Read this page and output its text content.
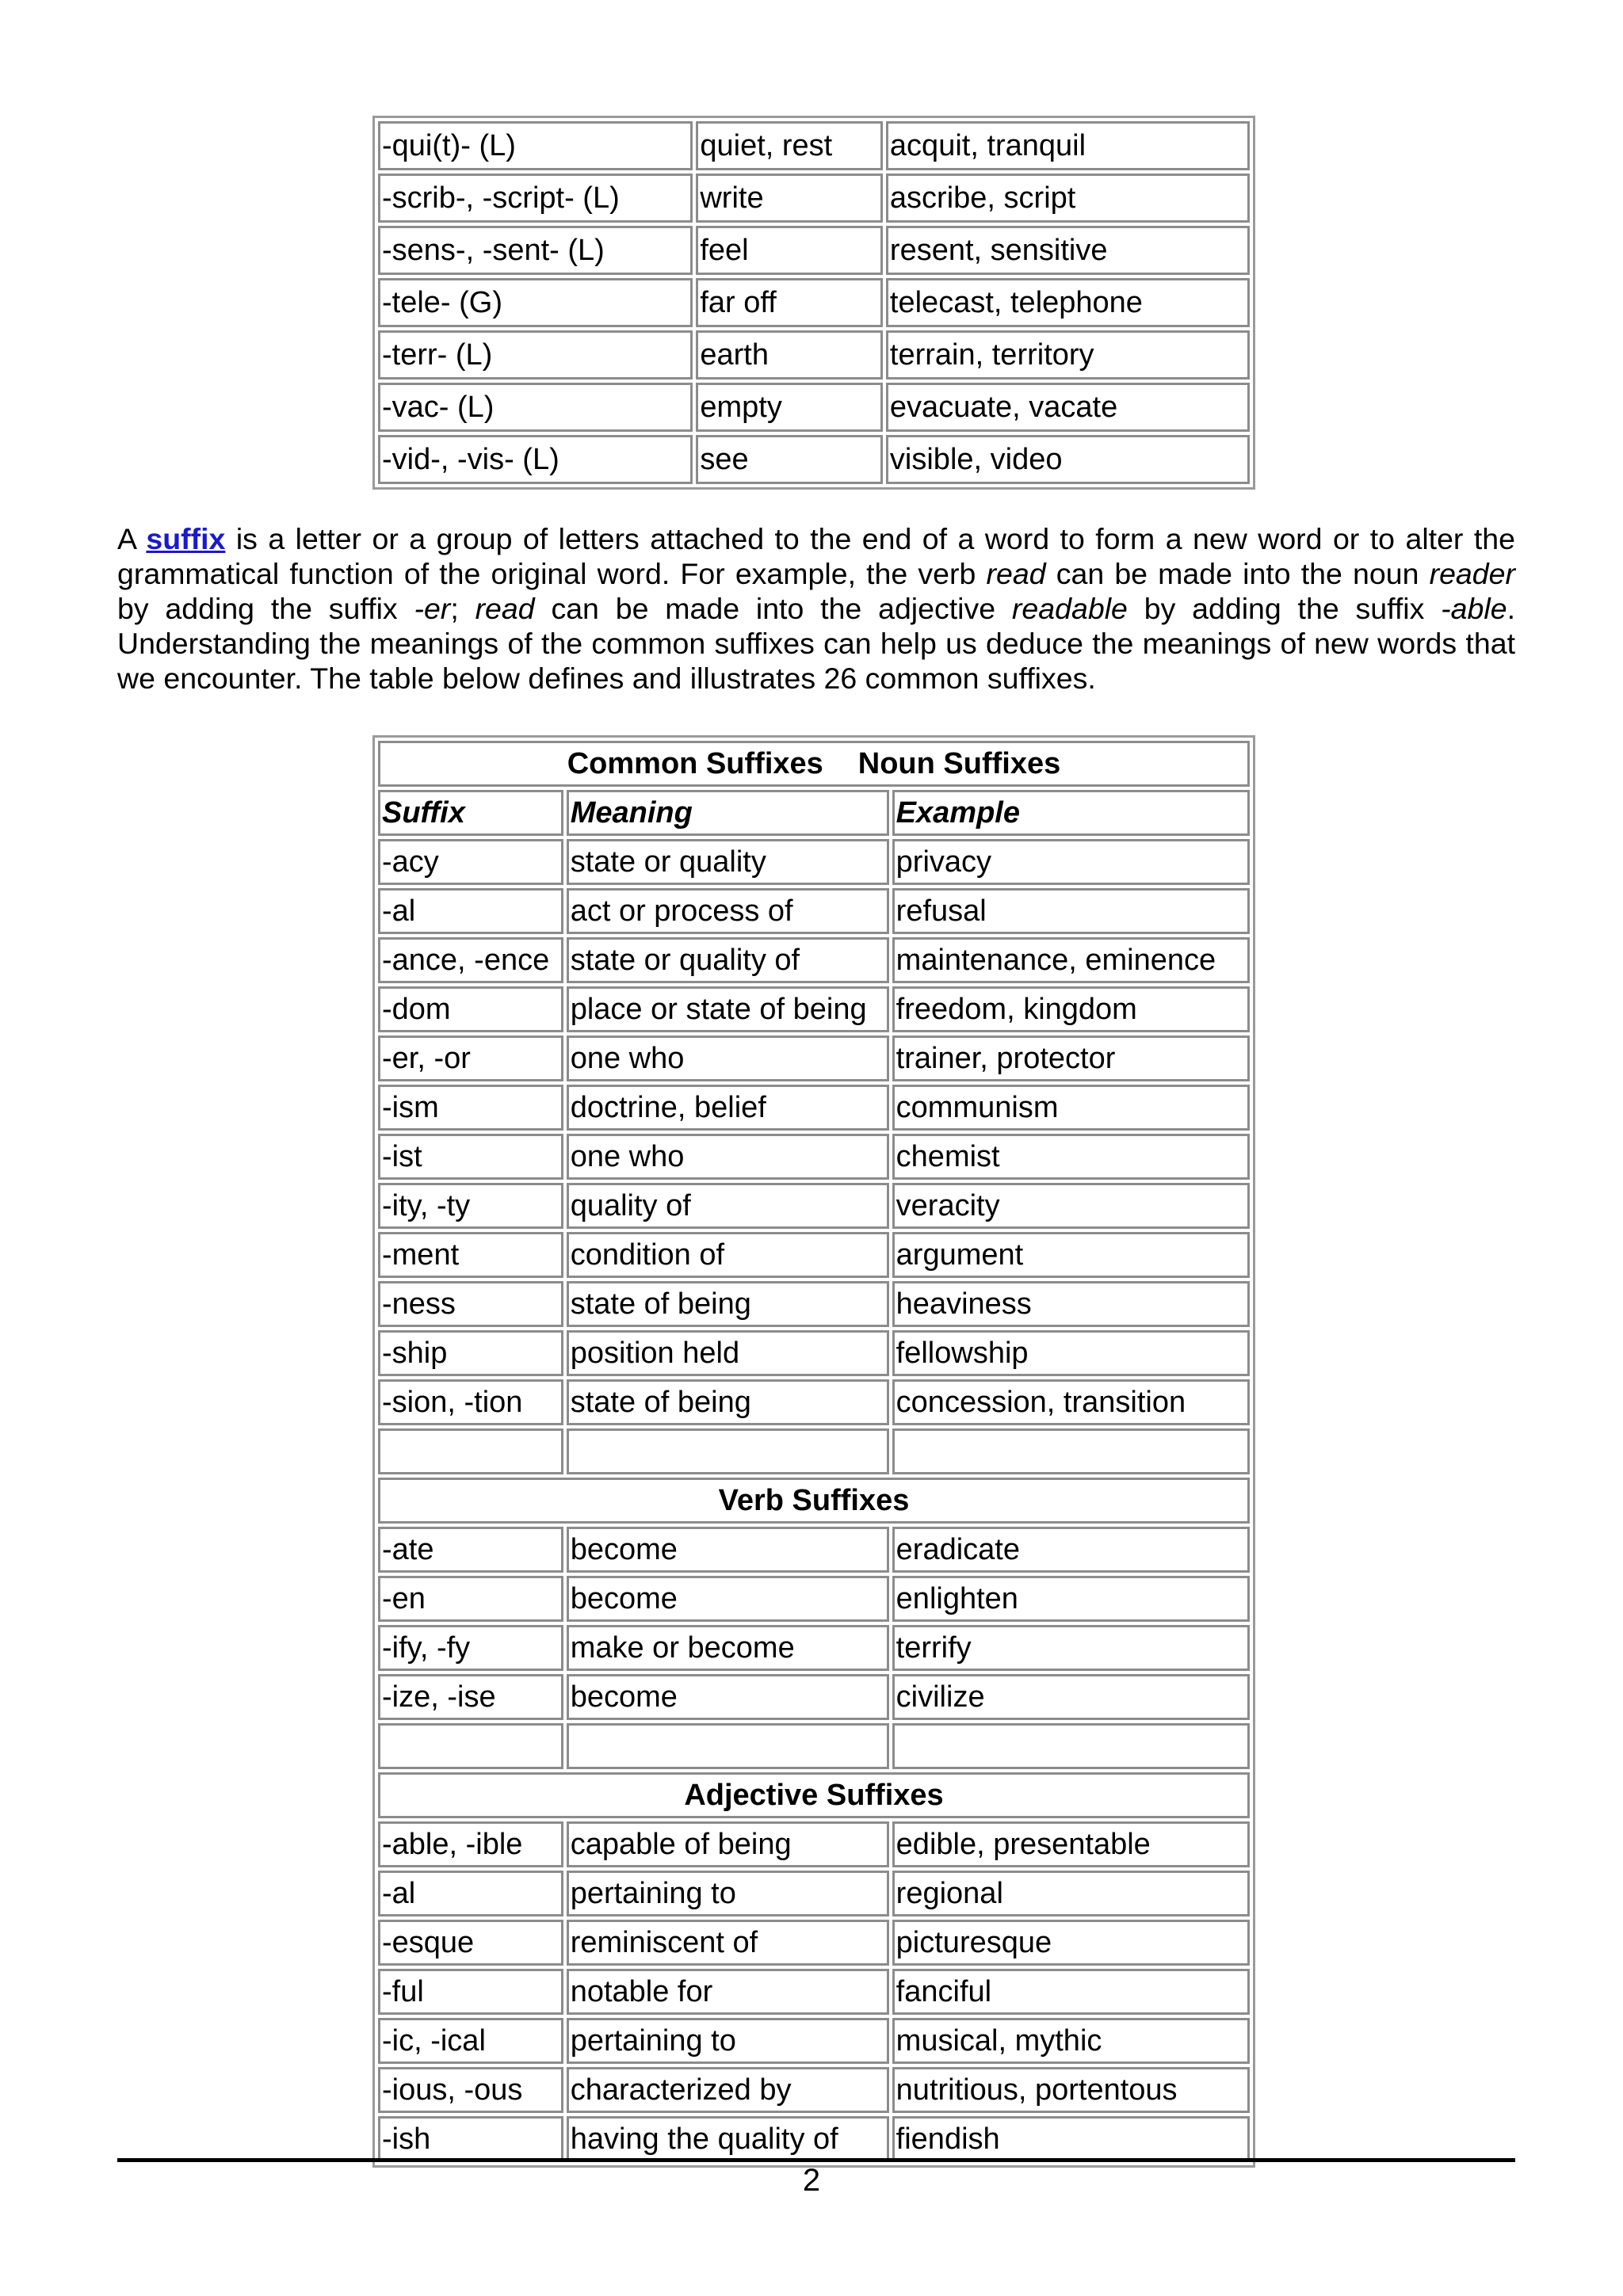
-qui(t)- (L)	quiet, rest	acquit, tranquil
-scrib-, -script- (L)	write	ascribe, script
-sens-, -sent- (L)	feel	resent, sensitive
-tele- (G)	far off	telecast, telephone
-terr- (L)	earth	terrain, territory
-vac- (L)	empty	evacuate, vacate
-vid-, -vis- (L)	see	visible, video

A suffix is a letter or a group of letters attached to the end of a word to form a new word or to alter the grammatical function of the original word. For example, the verb read can be made into the noun reader by adding the suffix -er; read can be made into the adjective readable by adding the suffix -able. Understanding the meanings of the common suffixes can help us deduce the meanings of new words that we encounter. The table below defines and illustrates 26 common suffixes.

Common Suffixes Noun Suffixes		
Suffix	Meaning	Example
-acy	state or quality	privacy
-al	act or process of	refusal
-ance, -ence	state or quality of	maintenance, eminence
-dom	place or state of being	freedom, kingdom
-er, -or	one who	trainer, protector
-ism	doctrine, belief	communism
-ist	one who	chemist
-ity, -ty	quality of	veracity
-ment	condition of	argument
-ness	state of being	heaviness
-ship	position held	fellowship
-sion, -tion	state of being	concession, transition

Verb Suffixes		
-ate	become	eradicate
-en	become	enlighten
-ify, -fy	make or become	terrify
-ize, -ise	become	civilize

Adjective Suffixes		
-able, -ible	capable of being	edible, presentable
-al	pertaining to	regional
-esque	reminiscent of	picturesque
-ful	notable for	fanciful
-ic, -ical	pertaining to	musical, mythic
-ious, -ous	characterized by	nutritious, portentous
-ish	having the quality of	fiendish
2
